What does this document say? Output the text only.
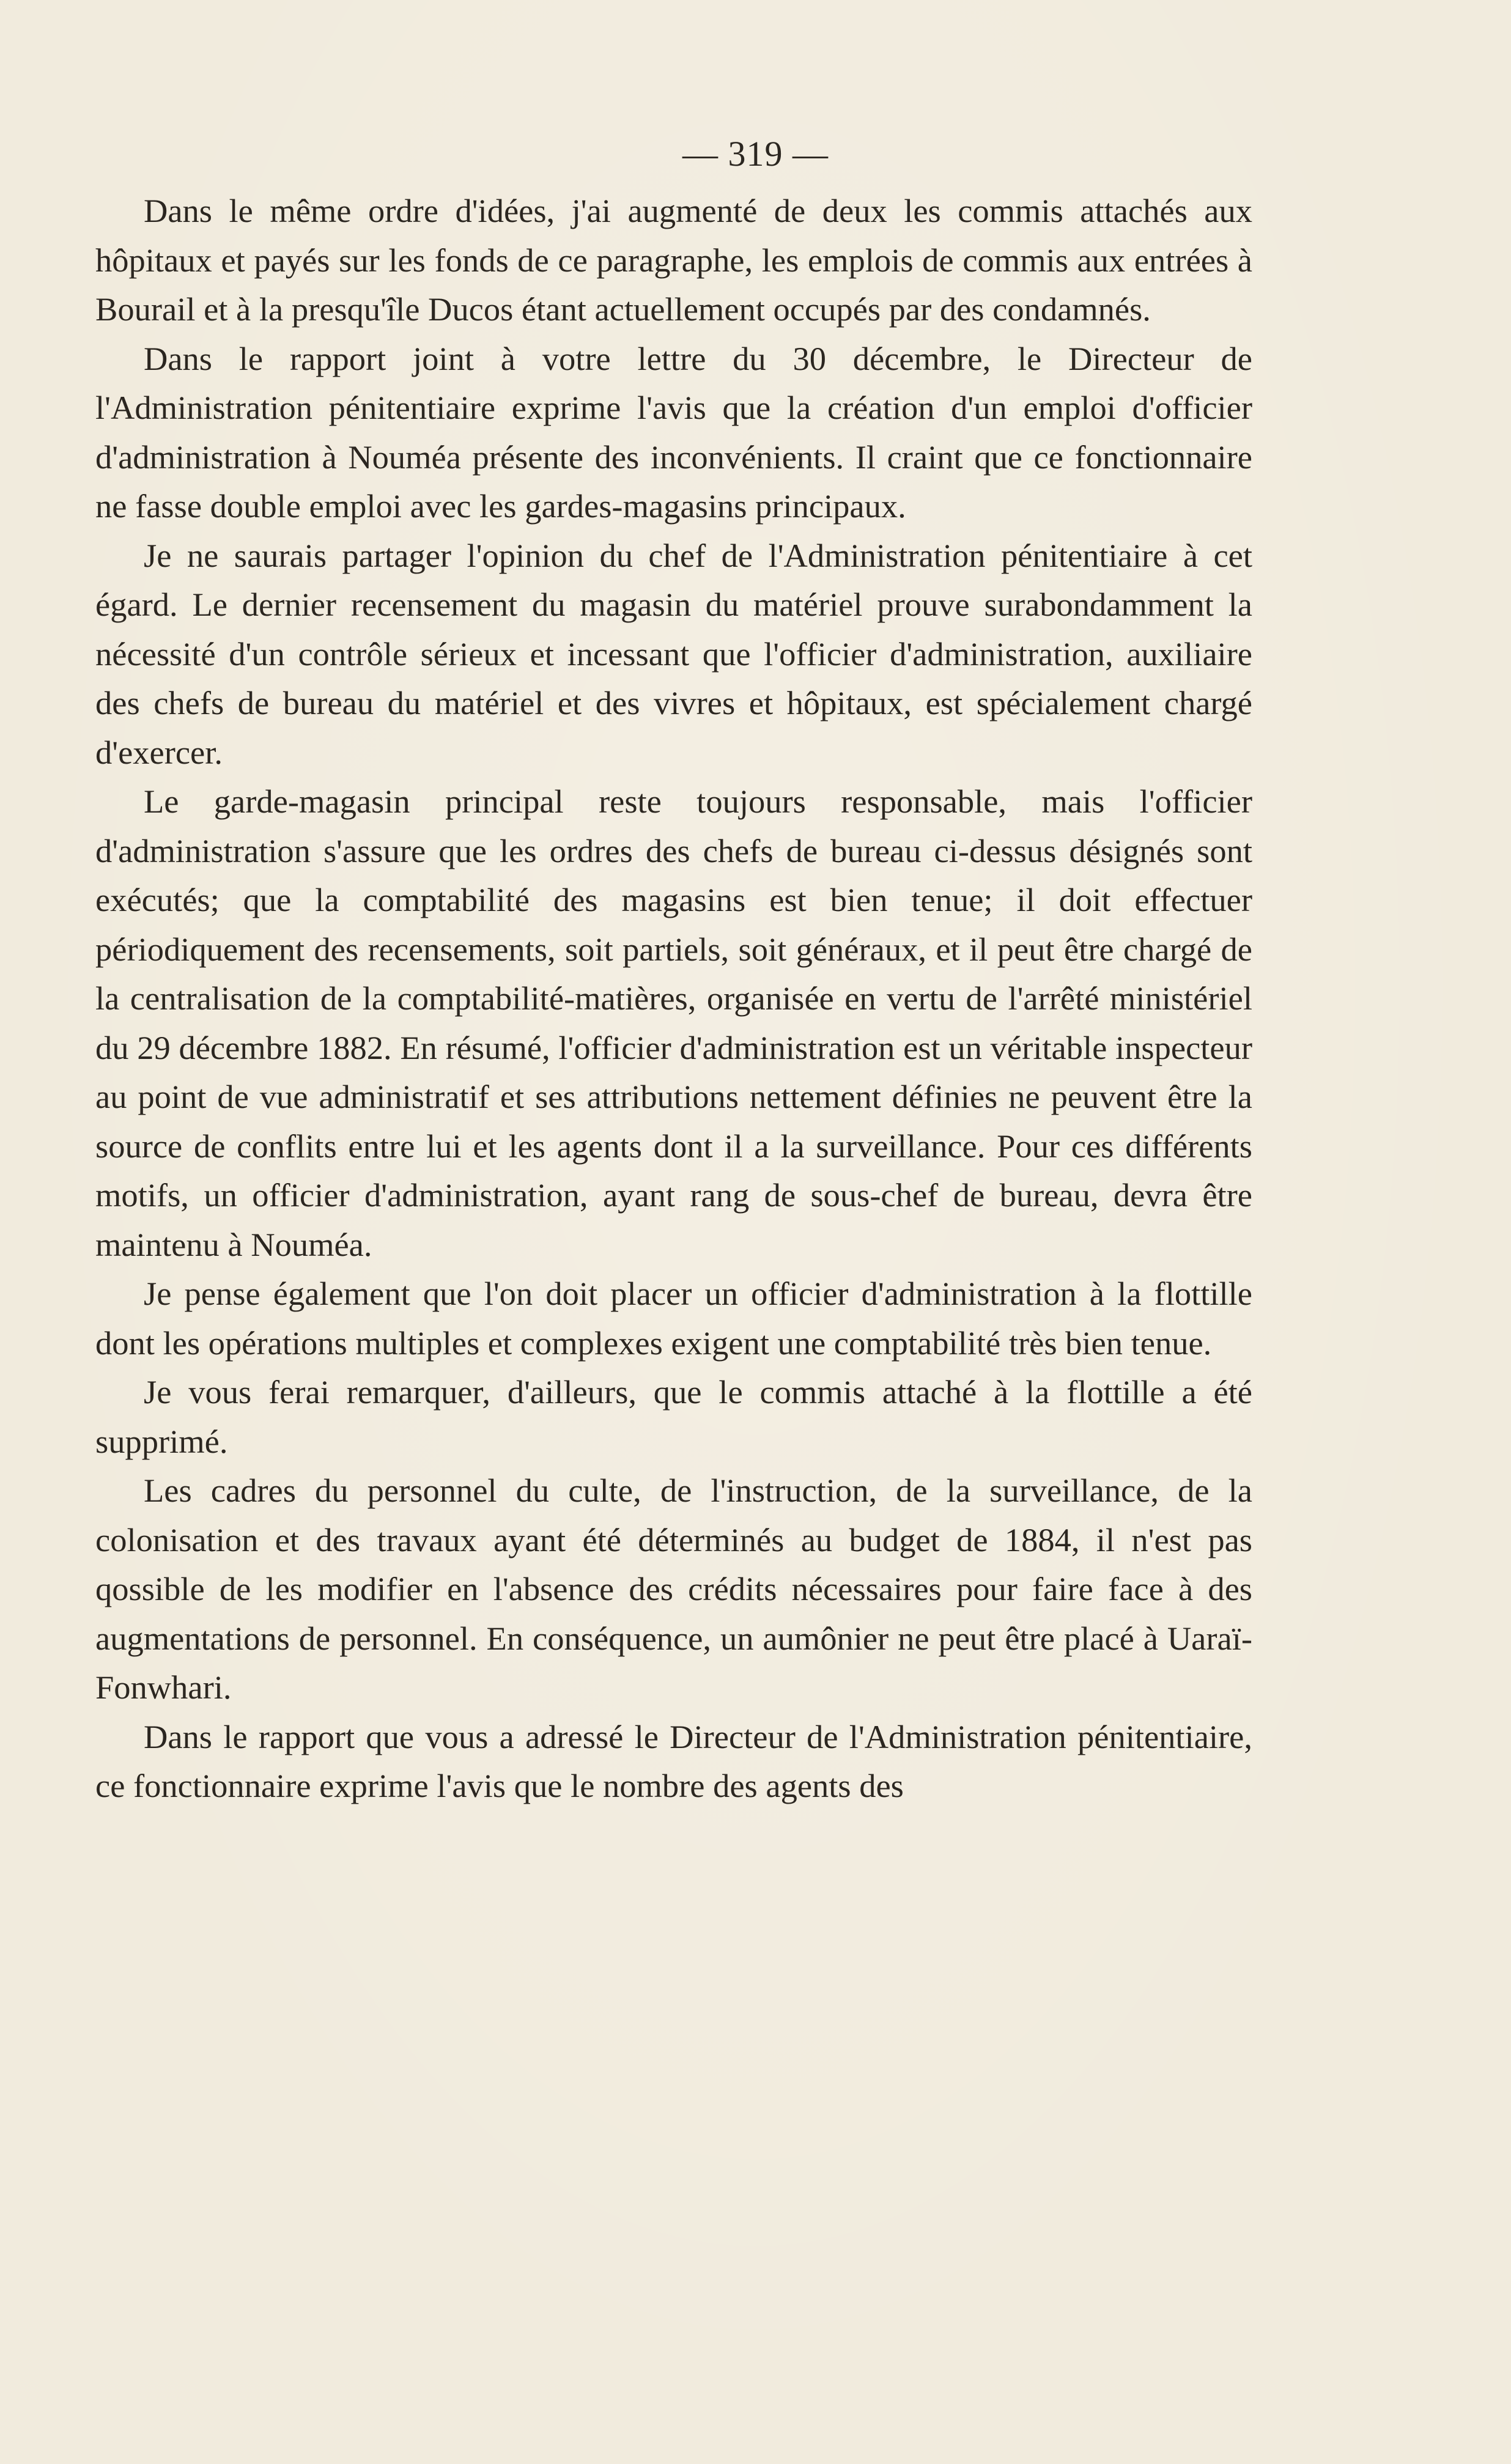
— 319 —

Dans le même ordre d'idées, j'ai augmenté de deux les commis attachés aux hôpitaux et payés sur les fonds de ce paragraphe, les emplois de commis aux entrées à Bourail et à la presqu'île Ducos étant actuellement occupés par des condamnés.

Dans le rapport joint à votre lettre du 30 décembre, le Directeur de l'Administration pénitentiaire exprime l'avis que la création d'un emploi d'officier d'administration à Nouméa présente des inconvénients. Il craint que ce fonctionnaire ne fasse double emploi avec les gardes-magasins principaux.

Je ne saurais partager l'opinion du chef de l'Administration pénitentiaire à cet égard. Le dernier recensement du magasin du matériel prouve surabondamment la nécessité d'un contrôle sérieux et incessant que l'officier d'administration, auxiliaire des chefs de bureau du matériel et des vivres et hôpitaux, est spécialement chargé d'exercer.

Le garde-magasin principal reste toujours responsable, mais l'officier d'administration s'assure que les ordres des chefs de bureau ci-dessus désignés sont exécutés; que la comptabilité des magasins est bien tenue; il doit effectuer périodiquement des recensements, soit partiels, soit généraux, et il peut être chargé de la centralisation de la comptabilité-matières, organisée en vertu de l'arrêté ministériel du 29 décembre 1882. En résumé, l'officier d'administration est un véritable inspecteur au point de vue administratif et ses attributions nettement définies ne peuvent être la source de conflits entre lui et les agents dont il a la surveillance. Pour ces différents motifs, un officier d'administration, ayant rang de sous-chef de bureau, devra être maintenu à Nouméa.

Je pense également que l'on doit placer un officier d'administration à la flottille dont les opérations multiples et complexes exigent une comptabilité très bien tenue.

Je vous ferai remarquer, d'ailleurs, que le commis attaché à la flottille a été supprimé.

Les cadres du personnel du culte, de l'instruction, de la surveillance, de la colonisation et des travaux ayant été déterminés au budget de 1884, il n'est pas qossible de les modifier en l'absence des crédits nécessaires pour faire face à des augmentations de personnel. En conséquence, un aumônier ne peut être placé à Uaraï-Fonwhari.

Dans le rapport que vous a adressé le Directeur de l'Administration pénitentiaire, ce fonctionnaire exprime l'avis que le nombre des agents des
